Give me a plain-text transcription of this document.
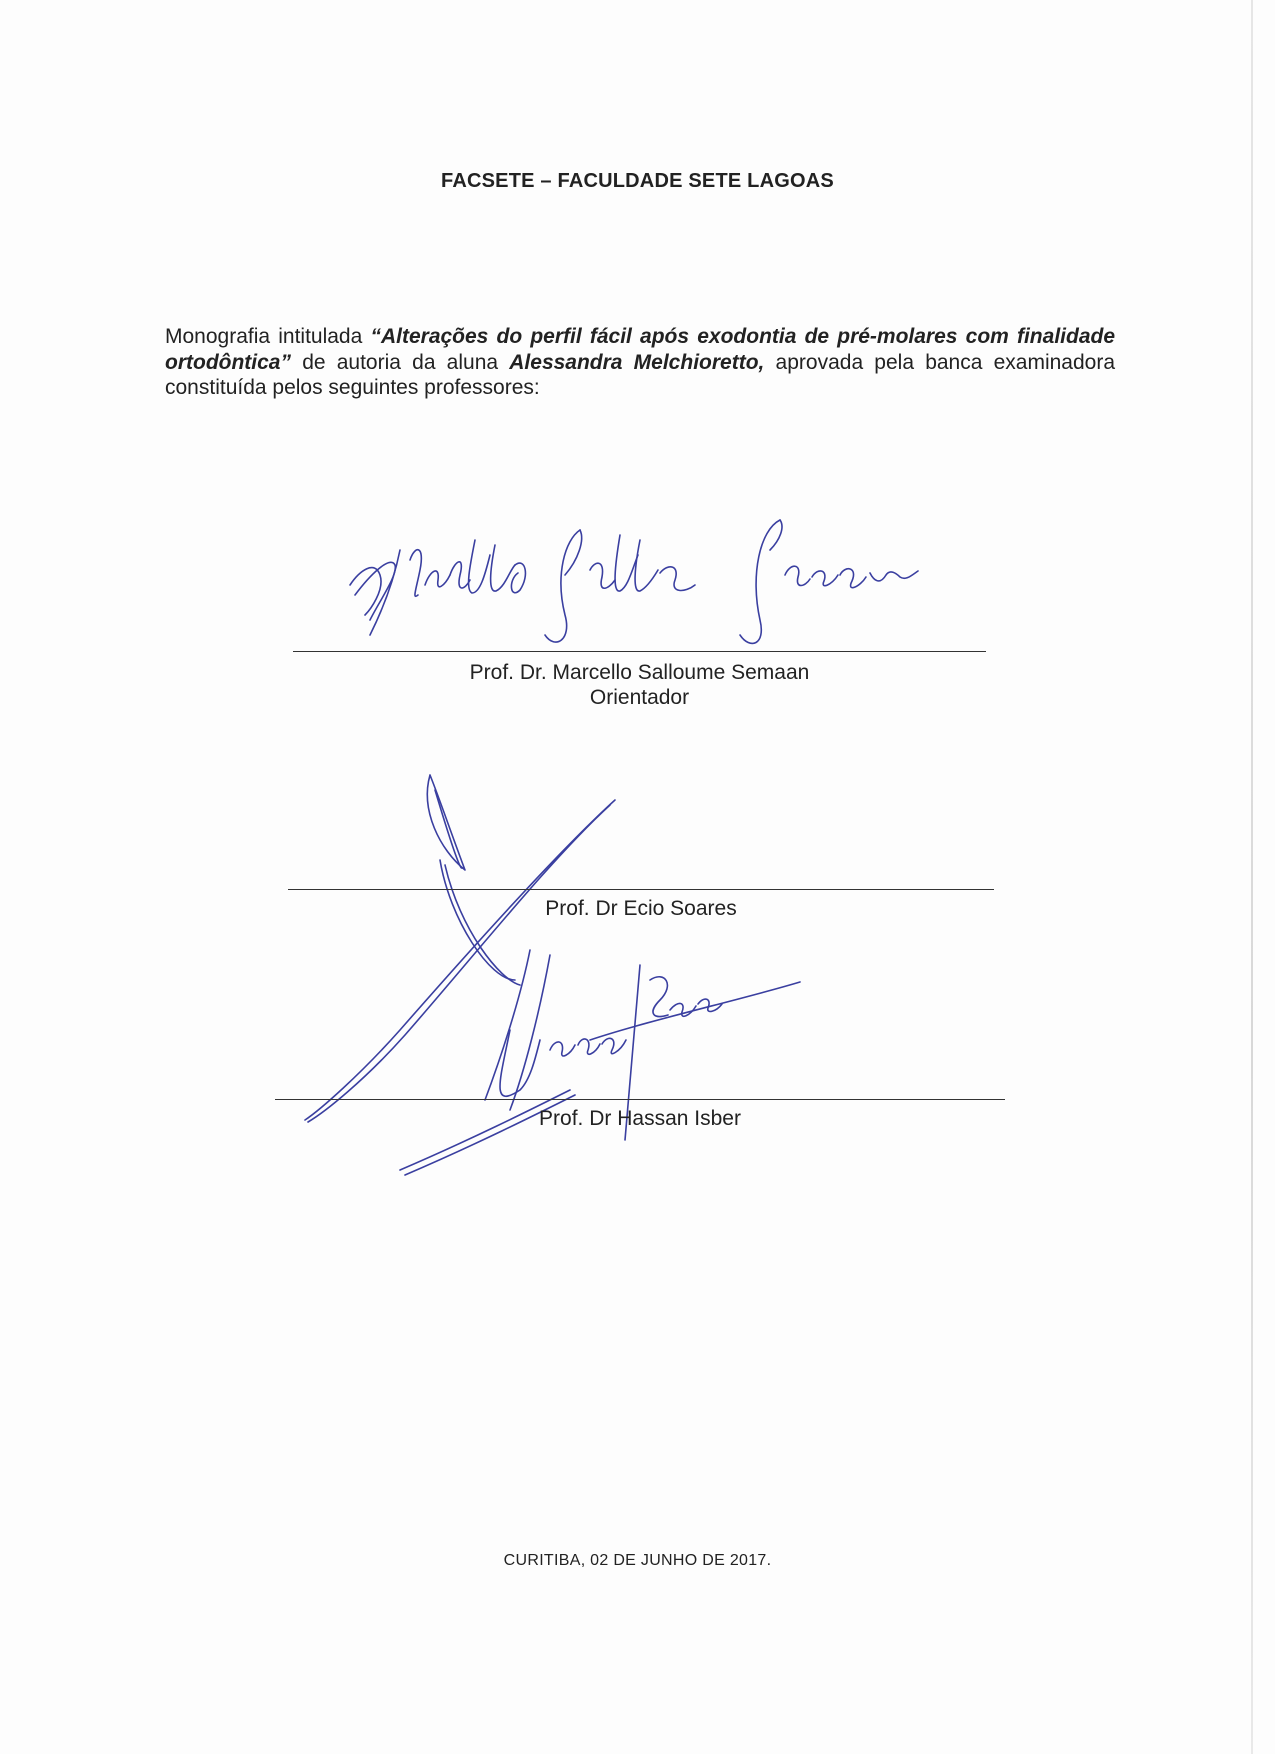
FACSETE – FACULDADE SETE LAGOAS
Monografia intitulada “Alterações do perfil fácil após exodontia de pré-molares com finalidade ortodôntica” de autoria da aluna Alessandra Melchioretto, aprovada pela banca examinadora constituída pelos seguintes professores:
Prof. Dr. Marcello Salloume Semaan
Orientador
Prof. Dr Ecio Soares
Prof. Dr Hassan Isber
CURITIBA, 02 DE JUNHO DE 2017.
